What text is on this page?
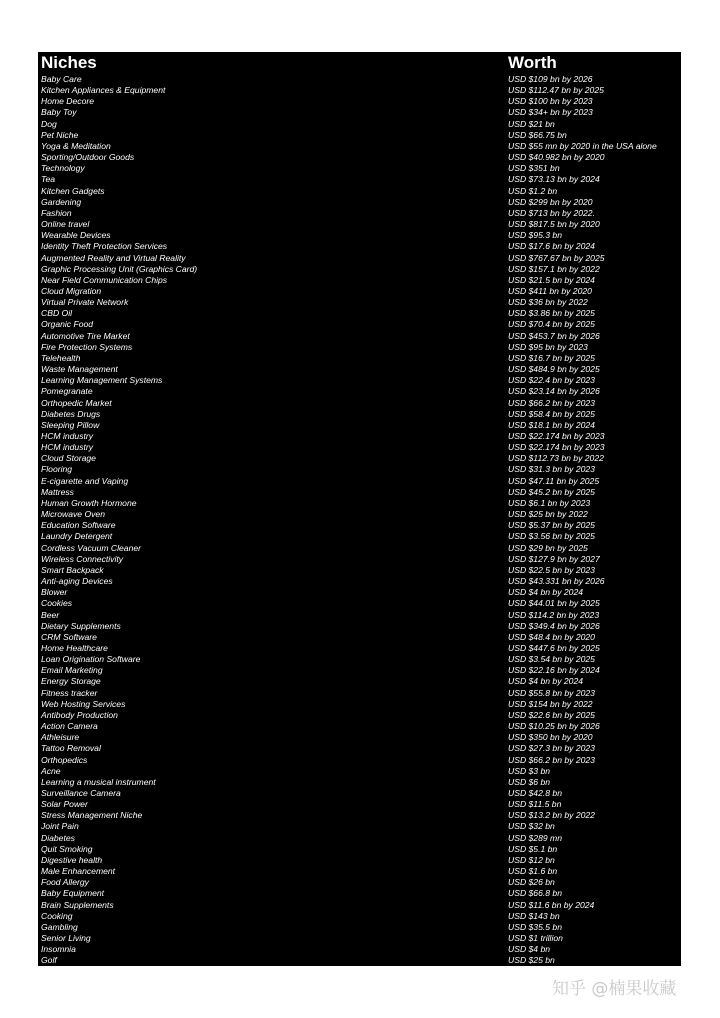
Niches	Worth
Baby Care	USD $109 bn by 2026
Kitchen Appliances & Equipment	USD $112.47 bn by 2025
Home Decore	USD $100 bn by 2023
Baby Toy	USD $34+ bn by 2023
Dog	USD $21 bn
Pet Niche	USD $66.75 bn
Yoga & Meditation	USD $55 mn by 2020 in the USA alone
Sporting/Outdoor Goods	USD $40.982 bn by 2020
Technology	USD $351 bn
Tea	USD $73.13 bn by 2024
Kitchen Gadgets	USD $1.2 bn
Gardening	USD $299 bn by 2020
Fashion	USD $713 bn by 2022.
Online travel	USD $817.5 bn by 2020
Wearable Devices	USD $95.3 bn
Identity Theft Protection Services	USD $17.6 bn by 2024
Augmented Reality and Virtual Reality	USD $767.67 bn by 2025
Graphic Processing Unit (Graphics Card)	USD $157.1 bn by 2022
Near Field Communication Chips	USD $21.5 bn by 2024
Cloud Migration	USD $411 bn by 2020
Virtual Private Network	USD $36 bn by 2022
CBD Oil	USD $3.86 bn by 2025
Organic Food	USD $70.4 bn by 2025
Automotive Tire Market	USD $453.7 bn by 2026
Fire Protection Systems	USD $95 bn by 2023
Telehealth	USD $16.7 bn by 2025
Waste Management	USD $484.9 bn by 2025
Learning Management Systems	USD $22.4 bn by 2023
Pomegranate	USD $23.14 bn by 2026
Orthopedic Market	USD $66.2 bn by 2023
Diabetes Drugs	USD $58.4 bn by 2025
Sleeping Pillow	USD $18.1 bn by 2024
HCM industry	USD $22.174 bn by 2023
HCM industry	USD $22.174 bn by 2023
Cloud Storage	USD $112.73 bn by 2022
Flooring	USD $31.3 bn by 2023
E-cigarette and Vaping	USD $47.11 bn by 2025
Mattress	USD $45.2 bn by 2025
Human Growth Hormone	USD $6.1 bn by 2023
Microwave Oven	USD $25 bn by 2022
Education Software	USD $5.37 bn by 2025
Laundry Detergent	USD $3.56 bn by 2025
Cordless Vacuum Cleaner	USD $29 bn by 2025
Wireless Connectivity	USD $127.9 bn by 2027
Smart Backpack	USD $22.5 bn by 2023
Anti-aging Devices	USD $43.331 bn by 2026
Blower	USD $4 bn by 2024
Cookies	USD $44.01 bn by 2025
Beer	USD $114.2 bn by 2023
Dietary Supplements	USD $349.4 bn by 2026
CRM Software	USD $48.4 bn by 2020
Home Healthcare	USD $447.6 bn by 2025
Loan Origination Software	USD $3.54 bn by 2025
Email Marketing	USD $22.16 bn by 2024
Energy Storage	USD $4 bn by 2024
Fitness tracker	USD $55.8 bn by 2023
Web Hosting Services	USD $154 bn by 2022
Antibody Production	USD $22.6 bn by 2025
Action Camera	USD $10.25 bn by 2026
Athleisure	USD $350 bn by 2020
Tattoo Removal	USD $27.3 bn by 2023
Orthopedics	USD $66.2 bn by 2023
Acne	USD $3 bn
Learning a musical instrument	USD $6 bn
Surveillance Camera	USD $42.8 bn
Solar Power	USD $11.5 bn
Stress Management Niche	USD $13.2 bn by 2022
Joint Pain	USD $32 bn
Diabetes	USD $289 mn
Quit Smoking	USD $5.1 bn
Digestive health	USD $12 bn
Male Enhancement	USD $1.6 bn
Food Allergy	USD $26 bn
Baby Equipment	USD $66.8 bn
Brain Supplements	USD $11.6 bn by 2024
Cooking	USD $143 bn
Gambling	USD $35.5 bn
Senior Living	USD $1 trillion
Insomnia	USD $4 bn
Golf	USD $25 bn
知乎 @楠果收藏
